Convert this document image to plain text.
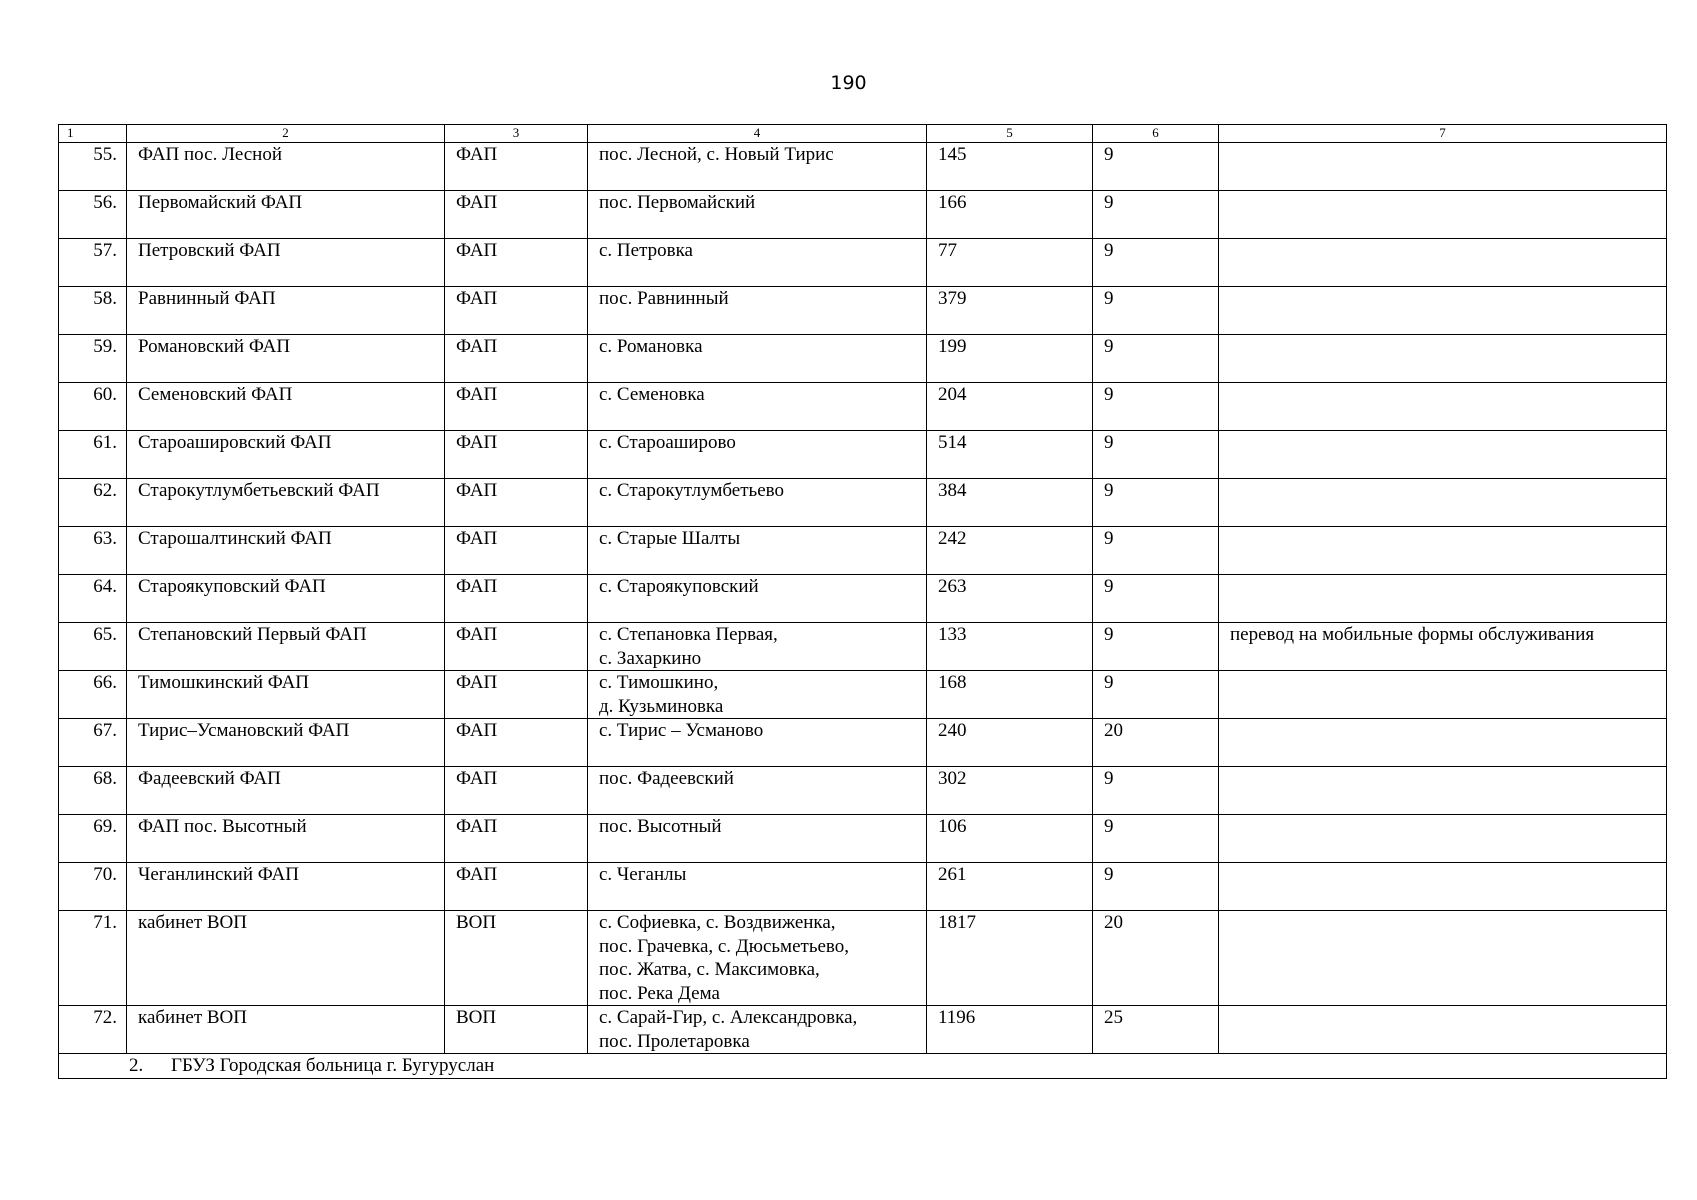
190
1	2	3	4	5	6	7
55.	ФАП пос. Лесной	ФАП	пос. Лесной, с. Новый Тирис	145	9	
56.	Первомайский ФАП	ФАП	пос. Первомайский	166	9	
57.	Петровский ФАП	ФАП	с. Петровка	77	9	
58.	Равнинный ФАП	ФАП	пос. Равнинный	379	9	
59.	Романовский ФАП	ФАП	с. Романовка	199	9	
60.	Семеновский ФАП	ФАП	с. Семеновка	204	9	
61.	Староашировский ФАП	ФАП	с. Староаширово	514	9	
62.	Старокутлумбетьевский ФАП	ФАП	с. Старокутлумбетьево	384	9	
63.	Старошалтинский ФАП	ФАП	с. Старые Шалты	242	9	
64.	Староякуповский ФАП	ФАП	с. Староякуповский	263	9	
65.	Степановский Первый ФАП	ФАП	с. Степановка Первая,
с. Захаркино	133	9	перевод на мобильные формы обслуживания
66.	Тимошкинский ФАП	ФАП	с. Тимошкино,
д. Кузьминовка	168	9	
67.	Тирис–Усмановский ФАП	ФАП	с. Тирис – Усманово	240	20	
68.	Фадеевский ФАП	ФАП	пос. Фадеевский	302	9	
69.	ФАП пос. Высотный	ФАП	пос. Высотный	106	9	
70.	Чеганлинский ФАП	ФАП	с. Чеганлы	261	9	
71.	кабинет ВОП	ВОП	с. Софиевка, с. Воздвиженка,
пос. Грачевка, с. Дюсьметьево,
пос. Жатва, с. Максимовка,
пос. Река Дема	1817	20	
72.	кабинет ВОП	ВОП	с. Сарай-Гир, с. Александровка,
пос. Пролетаровка	1196	25	
2. ГБУЗ Городская больница г. Бугуруслан						
